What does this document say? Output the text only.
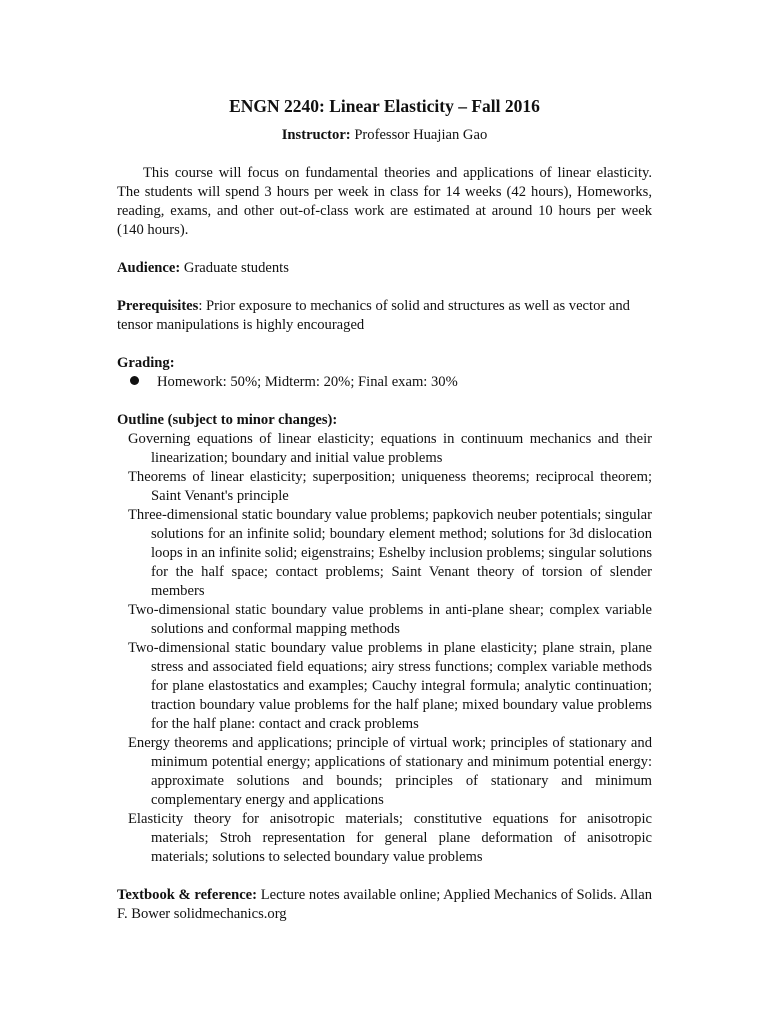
ENGN 2240: Linear Elasticity – Fall 2016
Instructor: Professor Huajian Gao
This course will focus on fundamental theories and applications of linear elasticity. The students will spend 3 hours per week in class for 14 weeks (42 hours), Homeworks, reading, exams, and other out-of-class work are estimated at around 10 hours per week (140 hours).
Audience: Graduate students
Prerequisites: Prior exposure to mechanics of solid and structures as well as vector and tensor manipulations is highly encouraged
Grading:
Homework: 50%; Midterm: 20%; Final exam: 30%
Outline (subject to minor changes):
Governing equations of linear elasticity; equations in continuum mechanics and their linearization; boundary and initial value problems
Theorems of linear elasticity; superposition; uniqueness theorems; reciprocal theorem; Saint Venant's principle
Three-dimensional static boundary value problems; papkovich neuber potentials; singular solutions for an infinite solid; boundary element method; solutions for 3d dislocation loops in an infinite solid; eigenstrains; Eshelby inclusion problems; singular solutions for the half space; contact problems; Saint Venant theory of torsion of slender members
Two-dimensional static boundary value problems in anti-plane shear; complex variable solutions and conformal mapping methods
Two-dimensional static boundary value problems in plane elasticity; plane strain, plane stress and associated field equations; airy stress functions; complex variable methods for plane elastostatics and examples; Cauchy integral formula; analytic continuation; traction boundary value problems for the half plane; mixed boundary value problems for the half plane: contact and crack problems
Energy theorems and applications; principle of virtual work; principles of stationary and minimum potential energy; applications of stationary and minimum potential energy: approximate solutions and bounds; principles of stationary and minimum complementary energy and applications
Elasticity theory for anisotropic materials; constitutive equations for anisotropic materials; Stroh representation for general plane deformation of anisotropic materials; solutions to selected boundary value problems
Textbook & reference: Lecture notes available online; Applied Mechanics of Solids. Allan F. Bower solidmechanics.org
